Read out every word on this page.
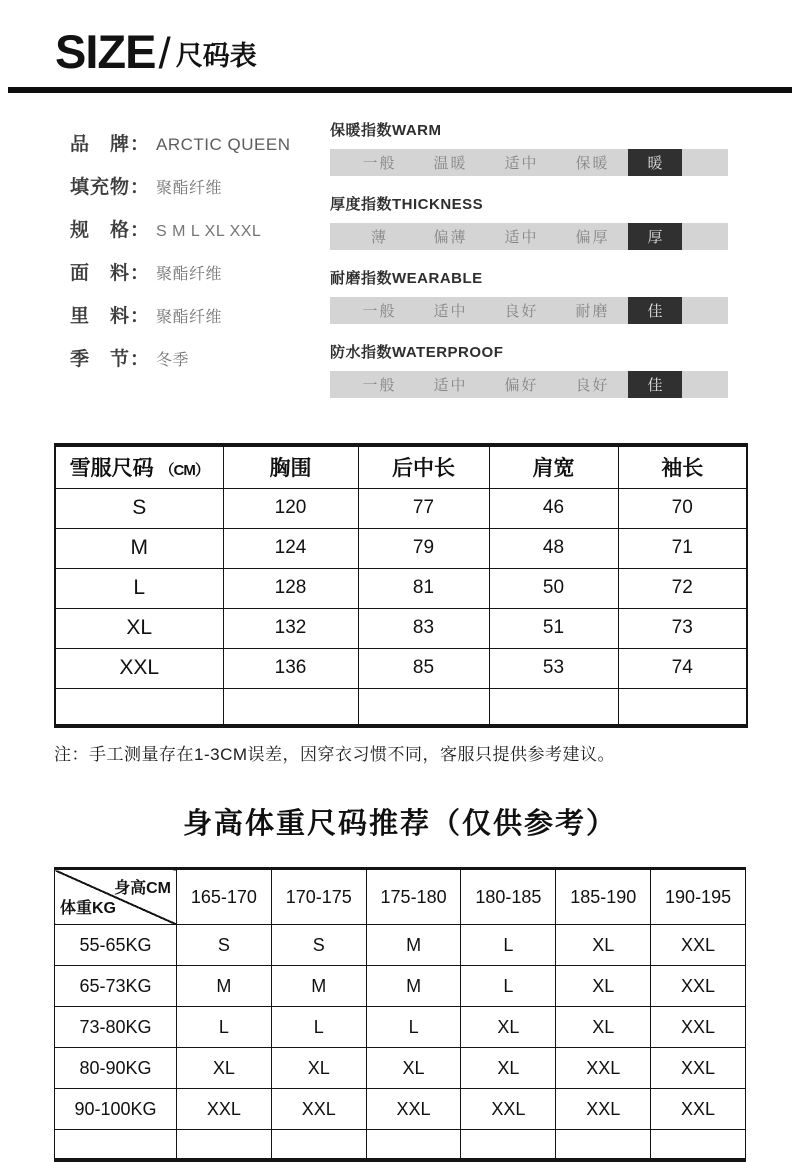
SIZE / 尺码表
品　牌： ARCTIC QUEEN
填充物： 聚酯纤维
规　格： S M L XL XXL
面　料： 聚酯纤维
里　料： 聚酯纤维
季　节： 冬季
保暖指数WARM
一般	温暖	适中	保暖	暖
厚度指数THICKNESS
薄	偏薄	适中	偏厚	厚
耐磨指数WEARABLE
一般	适中	良好	耐磨	佳
防水指数WATERPROOF
一般	适中	偏好	良好	佳
雪服尺码 （CM）	胸围	后中长	肩宽	袖长
S	120	77	46	70
M	124	79	48	71
L	128	81	50	72
XL	132	83	51	73
XXL	136	85	53	74

注：手工测量存在1-3CM误差，因穿衣习惯不同，客服只提供参考建议。
身高体重尺码推荐（仅供参考）
身高CM
体重KG	165-170	170-175	175-180	180-185	185-190	190-195
55-65KG	S	S	M	L	XL	XXL
65-73KG	M	M	M	L	XL	XXL
73-80KG	L	L	L	XL	XL	XXL
80-90KG	XL	XL	XL	XL	XXL	XXL
90-100KG	XXL	XXL	XXL	XXL	XXL	XXL
